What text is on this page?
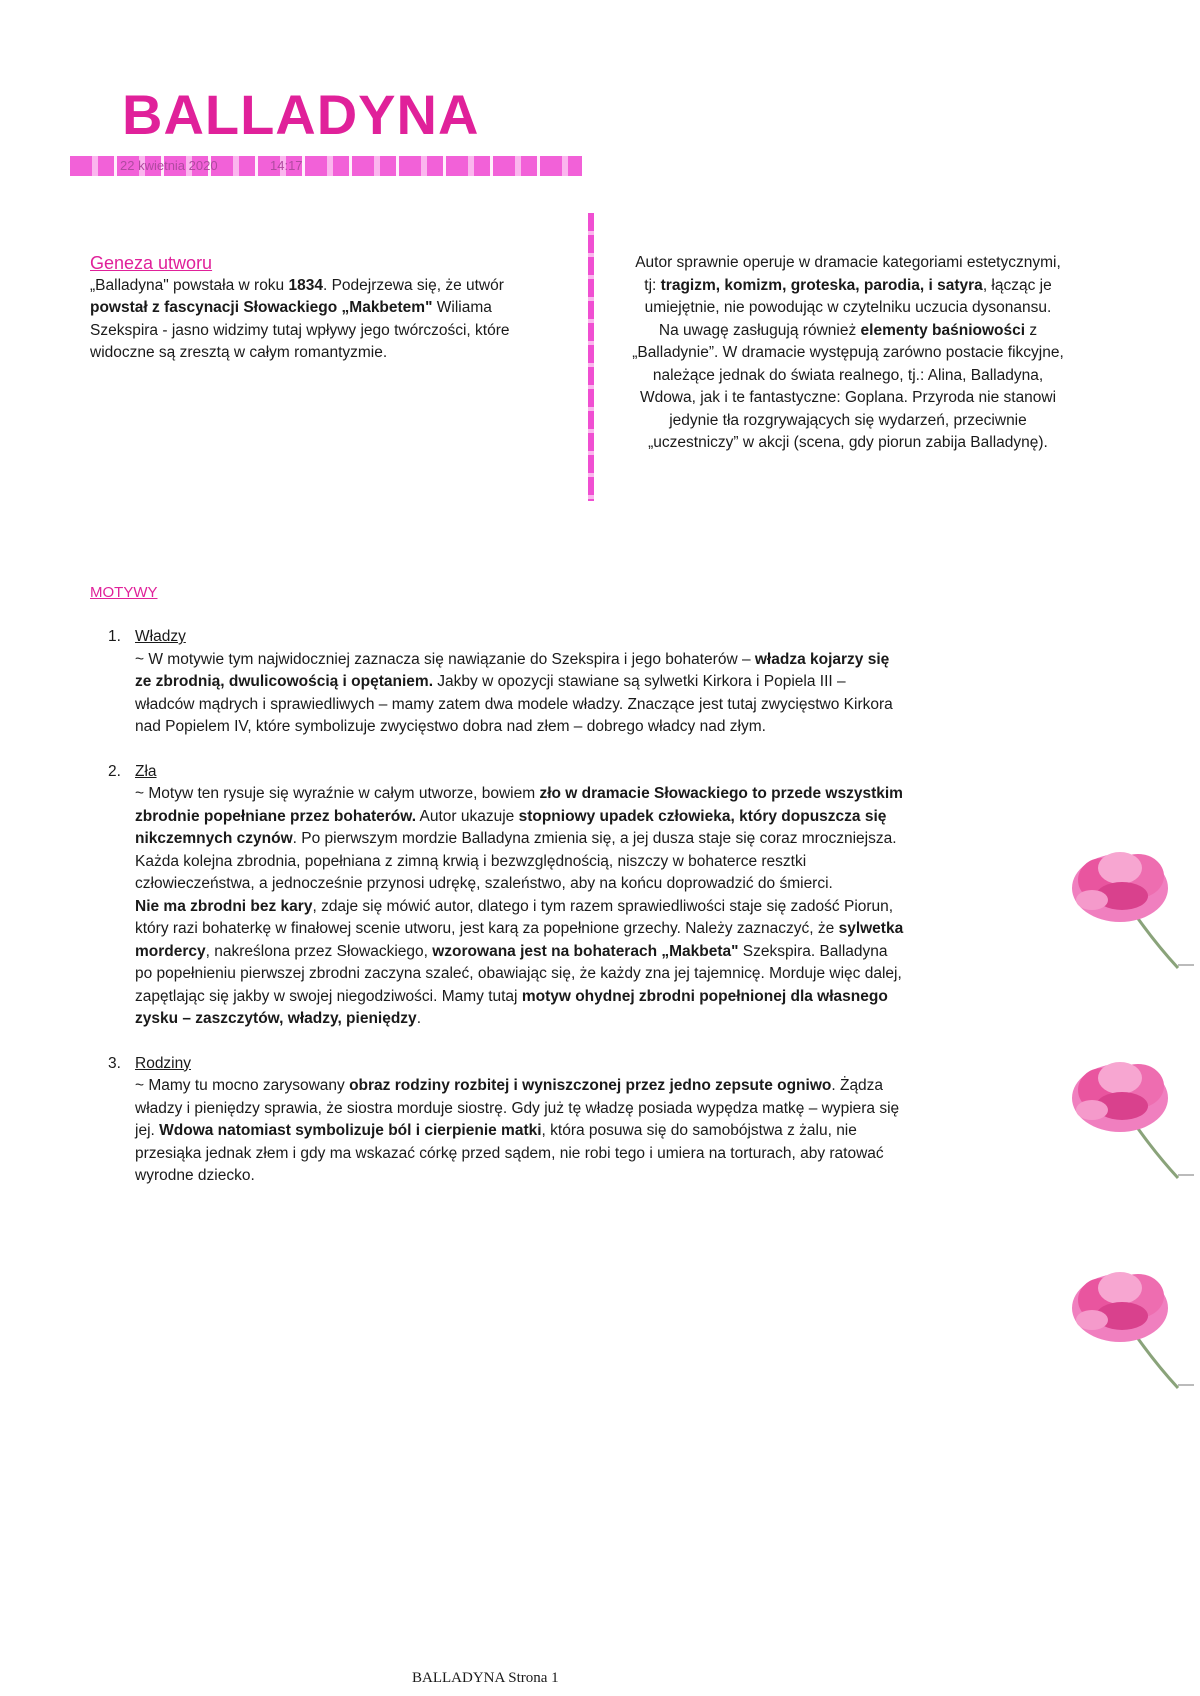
BALLADYNA
22 kwietnia 2020	14:17
Geneza utworu
„Balladyna" powstała w roku 1834. Podejrzewa się, że utwór powstał z fascynacji Słowackiego „Makbetem" Wiliama Szekspira - jasno widzimy tutaj wpływy jego twórczości, które widoczne są zresztą w całym romantyzmie.
Autor sprawnie operuje w dramacie kategoriami estetycznymi, tj: tragizm, komizm, groteska, parodia, i satyra, łącząc je umiejętnie, nie powodując w czytelniku uczucia dysonansu.
Na uwagę zasługują również elementy baśniowości z „Balladynie”. W dramacie występują zarówno postacie fikcyjne, należące jednak do świata realnego, tj.: Alina, Balladyna, Wdowa, jak i te fantastyczne: Goplana. Przyroda nie stanowi jedynie tła rozgrywających się wydarzeń, przeciwnie „uczestniczy” w akcji (scena, gdy piorun zabija Balladynę).
MOTYWY
1. Władzy
~ W motywie tym najwidoczniej zaznacza się nawiązanie do Szekspira i jego bohaterów – władza kojarzy się ze zbrodnią, dwulicowością i opętaniem. Jakby w opozycji stawiane są sylwetki Kirkora i Popiela III – władców mądrych i sprawiedliwych – mamy zatem dwa modele władzy. Znaczące jest tutaj zwycięstwo Kirkora nad Popielem IV, które symbolizuje zwycięstwo dobra nad złem – dobrego władcy nad złym.
2. Zła
~ Motyw ten rysuje się wyraźnie w całym utworze, bowiem zło w dramacie Słowackiego to przede wszystkim zbrodnie popełniane przez bohaterów. Autor ukazuje stopniowy upadek człowieka, który dopuszcza się nikczemnych czynów. Po pierwszym mordzie Balladyna zmienia się, a jej dusza staje się coraz mroczniejsza. Każda kolejna zbrodnia, popełniana z zimną krwią i bezwzględnością, niszczy w bohaterce resztki człowieczeństwa, a jednocześnie przynosi udrękę, szaleństwo, aby na końcu doprowadzić do śmierci.
Nie ma zbrodni bez kary, zdaje się mówić autor, dlatego i tym razem sprawiedliwości staje się zadość Piorun, który razi bohaterkę w finałowej scenie utworu, jest karą za popełnione grzechy. Należy zaznaczyć, że sylwetka mordercy, nakreślona przez Słowackiego, wzorowana jest na bohaterach „Makbeta" Szekspira. Balladyna po popełnieniu pierwszej zbrodni zaczyna szaleć, obawiając się, że każdy zna jej tajemnicę. Morduje więc dalej, zapętlając się jakby w swojej niegodziwości. Mamy tutaj motyw ohydnej zbrodni popełnionej dla własnego zysku – zaszczytów, władzy, pieniędzy.
3. Rodziny
~ Mamy tu mocno zarysowany obraz rodziny rozbitej i wyniszczonej przez jedno zepsute ogniwo. Żądza władzy i pieniędzy sprawia, że siostra morduje siostrę. Gdy już tę władzę posiada wypędza matkę – wypiera się jej. Wdowa natomiast symbolizuje ból i cierpienie matki, która posuwa się do samobójstwa z żalu, nie przesiąka jednak złem i gdy ma wskazać córkę przed sądem, nie robi tego i umiera na torturach, aby ratować wyrodne dziecko.
BALLADYNA Strona 1
